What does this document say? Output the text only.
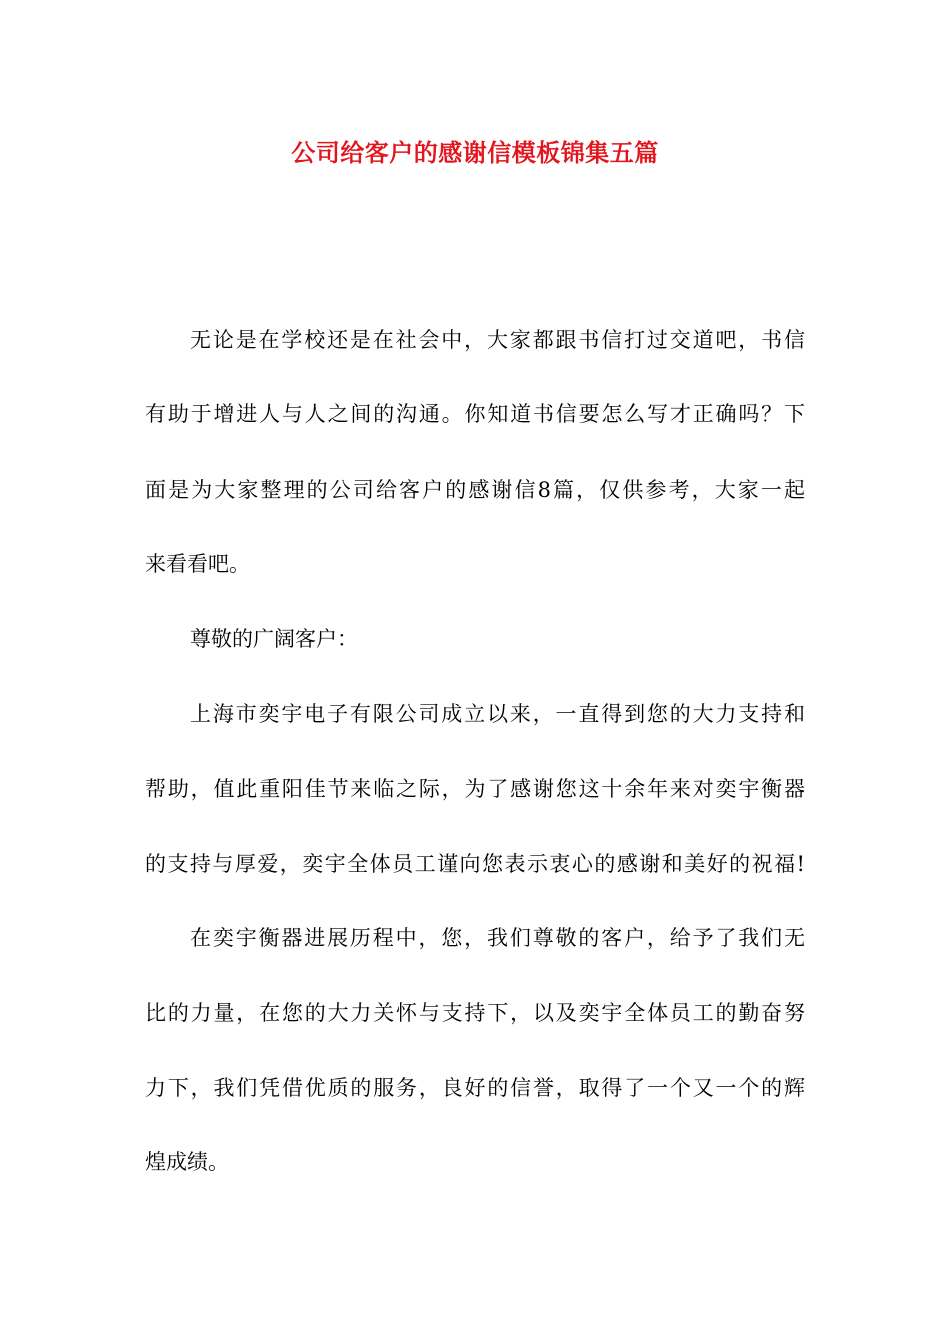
公司给客户的感谢信模板锦集五篇
无论是在学校还是在社会中，大家都跟书信打过交道吧，书信
有助于增进人与人之间的沟通。你知道书信要怎么写才正确吗？下
面是为大家整理的公司给客户的感谢信8篇，仅供参考，大家一起
来看看吧。
尊敬的广阔客户：
上海市奕宇电子有限公司成立以来，一直得到您的大力支持和
帮助，值此重阳佳节来临之际，为了感谢您这十余年来对奕宇衡器
的支持与厚爱，奕宇全体员工谨向您表示衷心的感谢和美好的祝福!
在奕宇衡器进展历程中，您，我们尊敬的客户，给予了我们无
比的力量，在您的大力关怀与支持下，以及奕宇全体员工的勤奋努
力下，我们凭借优质的服务，良好的信誉，取得了一个又一个的辉
煌成绩。
